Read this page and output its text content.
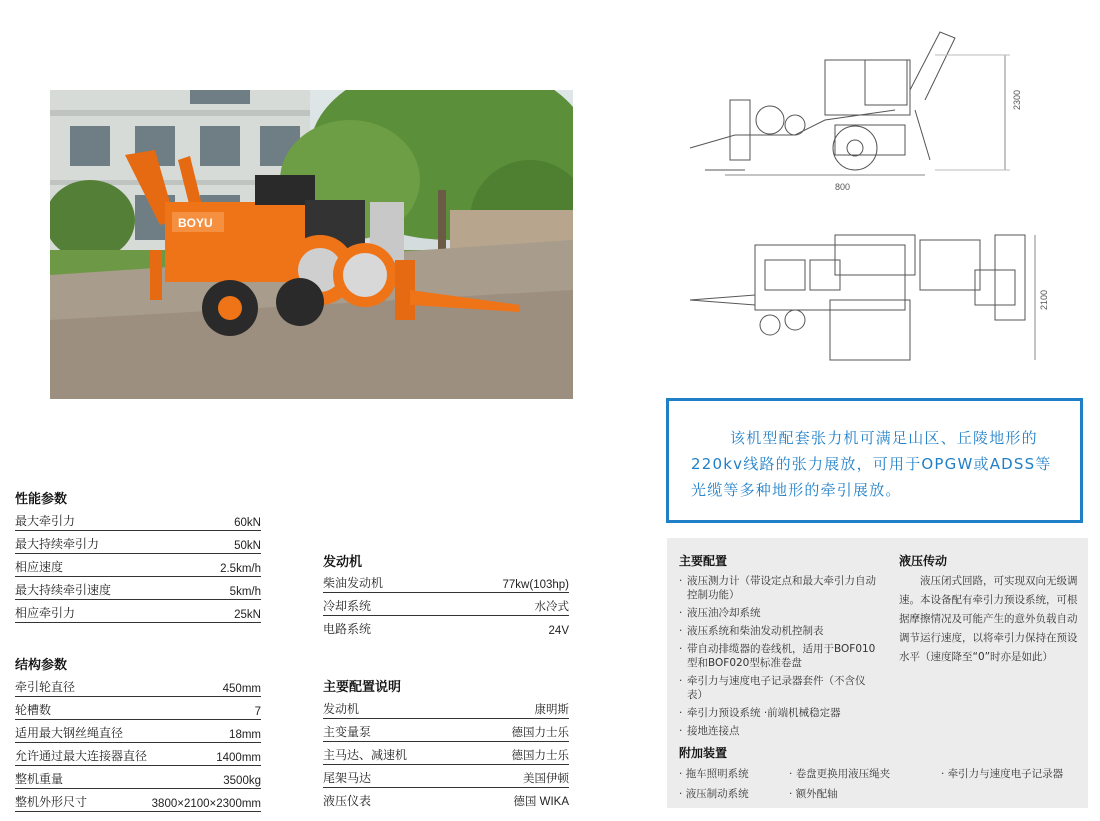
BOYU
800
2300
2100

该机型配套张力机可满足山区、丘陵地形的220kv线路的张力展放，可用于OPGW或ADSS等光缆等多种地形的牵引展放。

性能参数
最大牵引力	60kN
最大持续牵引力	50kN
相应速度	2.5km/h
最大持续牵引速度	5km/h
相应牵引力	25kN
结构参数
牵引轮直径	450mm
轮槽数	7
适用最大钢丝绳直径	18mm
允许通过最大连接器直径	1400mm
整机重量	3500kg
整机外形尺寸	3800×2100×2300mm
发动机
柴油发动机	77kw(103hp)
冷却系统	水冷式
电路系统	24V
主要配置说明
发动机	康明斯
主变量泵	德国力士乐
主马达、减速机	德国力士乐
尾架马达	美国伊顿
液压仪表	德国 WIKA
主要配置
· 液压测力计（带设定点和最大牵引力自动控制功能）
· 液压油冷却系统
· 液压系统和柴油发动机控制表
· 带自动排缆器的卷线机，适用于BOF010型和BOF020型标准卷盘
· 牵引力与速度电子记录器套件（不含仪表）
· 牵引力预设系统 ·前端机械稳定器
· 接地连接点
液压传动
液压闭式回路，可实现双向无级调速。本设备配有牵引力预设系统，可根据摩擦情况及可能产生的意外负载自动调节运行速度，以将牵引力保持在预设水平（速度降至“0”时亦是如此）
附加装置
· 拖车照明系统	· 卷盘更换用液压绳夹	· 牵引力与速度电子记录器
· 液压制动系统	· 额外配轴
